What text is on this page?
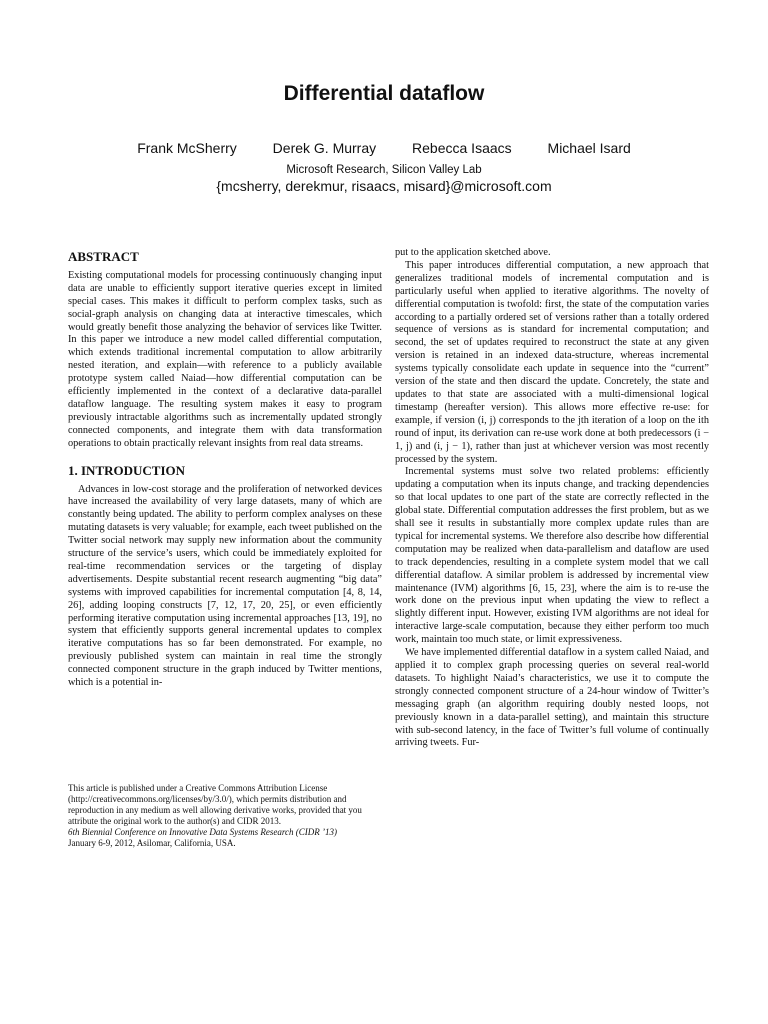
Differential dataflow
Frank McSherry	Derek G. Murray	Rebecca Isaacs	Michael Isard
Microsoft Research, Silicon Valley Lab
{mcsherry, derekmur, risaacs, misard}@microsoft.com
ABSTRACT

Existing computational models for processing continuously changing input data are unable to efficiently support iterative queries except in limited special cases. This makes it difficult to perform complex tasks, such as social-graph analysis on changing data at interactive timescales, which would greatly benefit those analyzing the behavior of services like Twitter. In this paper we introduce a new model called differential computation, which extends traditional incremental computation to allow arbitrarily nested iteration, and explain—with reference to a publicly available prototype system called Naiad—how differential computation can be efficiently implemented in the context of a declarative data-parallel dataflow language. The resulting system makes it easy to program previously intractable algorithms such as incrementally updated strongly connected components, and integrate them with data transformation operations to obtain practically relevant insights from real data streams.

1. INTRODUCTION

Advances in low-cost storage and the proliferation of networked devices have increased the availability of very large datasets, many of which are constantly being updated. The ability to perform complex analyses on these mutating datasets is very valuable; for example, each tweet published on the Twitter social network may supply new information about the community structure of the service’s users, which could be immediately exploited for real-time recommendation services or the targeting of display advertisements. Despite substantial recent research augmenting “big data” systems with improved capabilities for incremental computation [4, 8, 14, 26], adding looping constructs [7, 12, 17, 20, 25], or even efficiently performing iterative computation using incremental approaches [13, 19], no system that efficiently supports general incremental updates to complex iterative computations has so far been demonstrated. For example, no previously published system can maintain in real time the strongly connected component structure in the graph induced by Twitter mentions, which is a potential in-

This article is published under a Creative Commons Attribution License (http://creativecommons.org/licenses/by/3.0/), which permits distribution and reproduction in any medium as well allowing derivative works, provided that you attribute the original work to the author(s) and CIDR 2013.

6th Biennial Conference on Innovative Data Systems Research (CIDR ’13)

January 6-9, 2012, Asilomar, California, USA.

put to the application sketched above.

This paper introduces differential computation, a new approach that generalizes traditional models of incremental computation and is particularly useful when applied to iterative algorithms. The novelty of differential computation is twofold: first, the state of the computation varies according to a partially ordered set of versions rather than a totally ordered sequence of versions as is standard for incremental computation; and second, the set of updates required to reconstruct the state at any given version is retained in an indexed data-structure, whereas incremental systems typically consolidate each update in sequence into the “current” version of the state and then discard the update. Concretely, the state and updates to that state are associated with a multi-dimensional logical timestamp (hereafter version). This allows more effective re-use: for example, if version (i, j) corresponds to the jth iteration of a loop on the ith round of input, its derivation can re-use work done at both predecessors (i − 1, j) and (i, j − 1), rather than just at whichever version was most recently processed by the system.

Incremental systems must solve two related problems: efficiently updating a computation when its inputs change, and tracking dependencies so that local updates to one part of the state are correctly reflected in the global state. Differential computation addresses the first problem, but as we shall see it results in substantially more complex update rules than are typical for incremental systems. We therefore also describe how differential computation may be realized when data-parallelism and dataflow are used to track dependencies, resulting in a complete system model that we call differential dataflow. A similar problem is addressed by incremental view maintenance (IVM) algorithms [6, 15, 23], where the aim is to re-use the work done on the previous input when updating the view to reflect a slightly different input. However, existing IVM algorithms are not ideal for interactive large-scale computation, because they either perform too much work, maintain too much state, or limit expressiveness.

We have implemented differential dataflow in a system called Naiad, and applied it to complex graph processing queries on several real-world datasets. To highlight Naiad’s characteristics, we use it to compute the strongly connected component structure of a 24-hour window of Twitter’s messaging graph (an algorithm requiring doubly nested loops, not previously known in a data-parallel setting), and maintain this structure with sub-second latency, in the face of Twitter’s full volume of continually arriving tweets. Fur-
